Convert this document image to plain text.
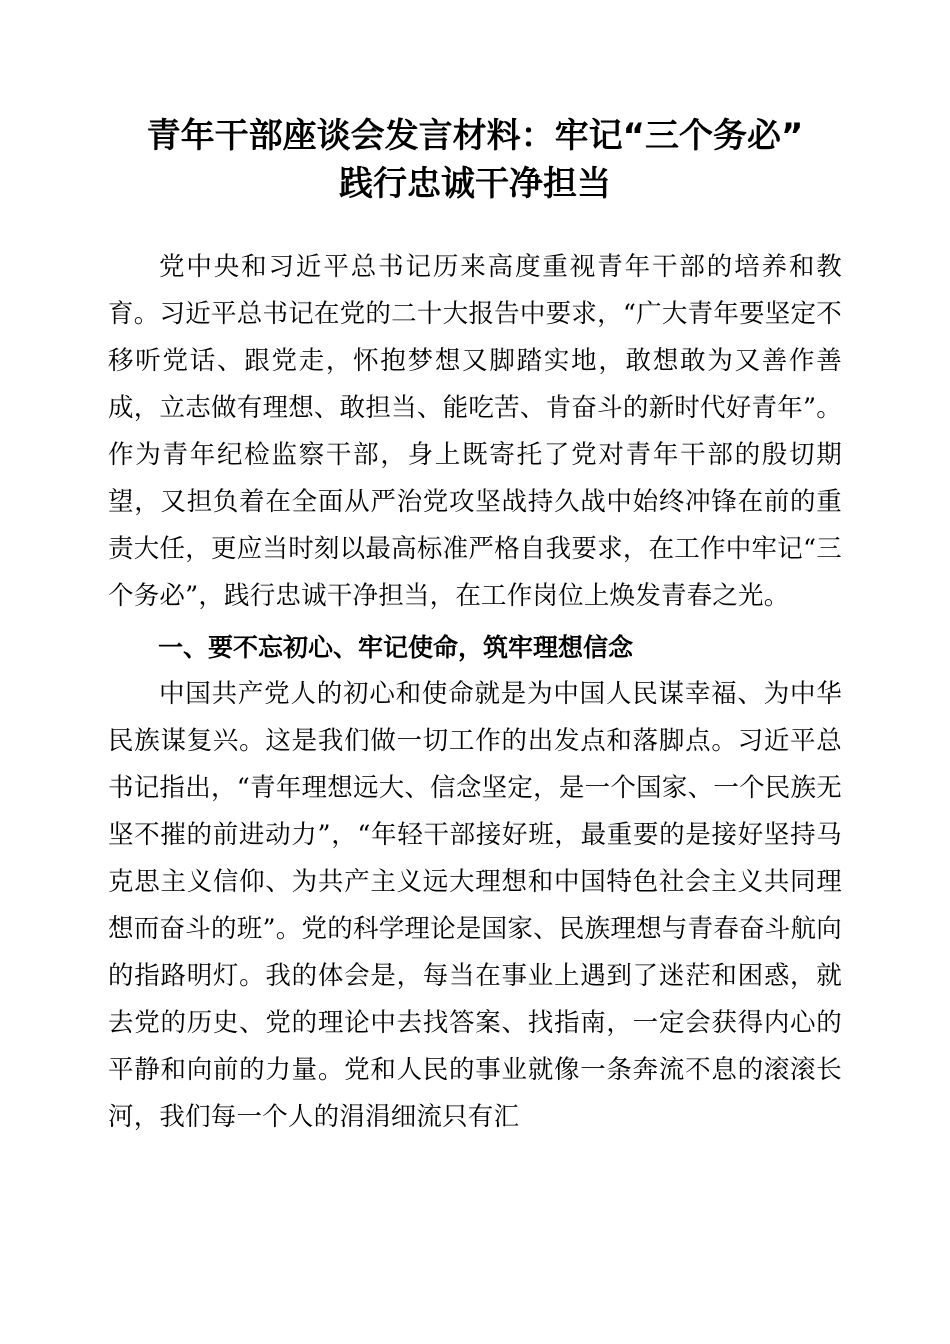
青年干部座谈会发言材料：牢记“三个务必”
践行忠诚干净担当

党中央和习近平总书记历来高度重视青年干部的培养和教育。习近平总书记在党的二十大报告中要求，“广大青年要坚定不移听党话、跟党走，怀抱梦想又脚踏实地，敢想敢为又善作善成，立志做有理想、敢担当、能吃苦、肯奋斗的新时代好青年”。作为青年纪检监察干部，身上既寄托了党对青年干部的殷切期望，又担负着在全面从严治党攻坚战持久战中始终冲锋在前的重责大任，更应当时刻以最高标准严格自我要求，在工作中牢记“三个务必”，践行忠诚干净担当，在工作岗位上焕发青春之光。

一、要不忘初心、牢记使命，筑牢理想信念

中国共产党人的初心和使命就是为中国人民谋幸福、为中华民族谋复兴。这是我们做一切工作的出发点和落脚点。习近平总书记指出，“青年理想远大、信念坚定，是一个国家、一个民族无坚不摧的前进动力”，“年轻干部接好班，最重要的是接好坚持马克思主义信仰、为共产主义远大理想和中国特色社会主义共同理想而奋斗的班”。党的科学理论是国家、民族理想与青春奋斗航向的指路明灯。我的体会是，每当在事业上遇到了迷茫和困惑，就去党的历史、党的理论中去找答案、找指南，一定会获得内心的平静和向前的力量。党和人民的事业就像一条奔流不息的滚滚长河，我们每一个人的涓涓细流只有汇
